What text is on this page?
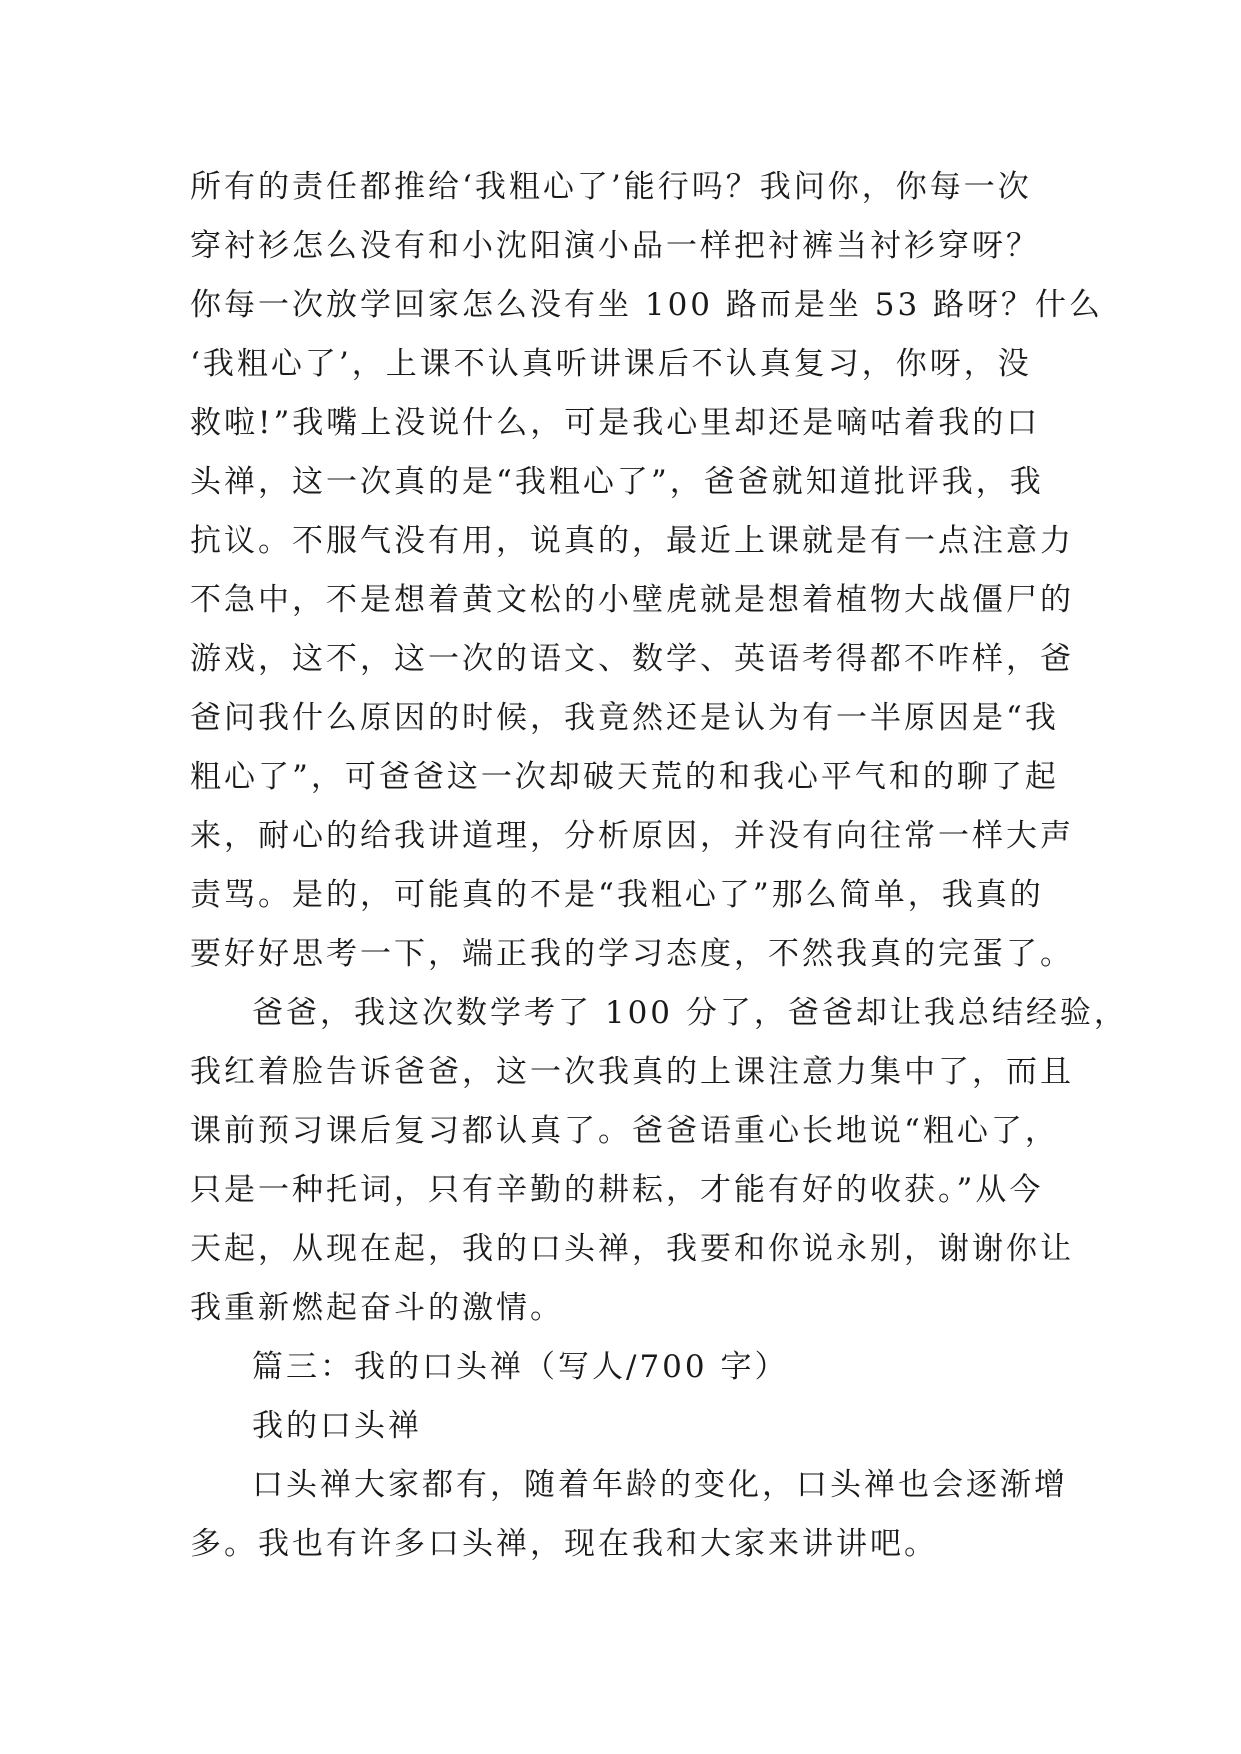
所有的责任都推给‘我粗心了’能行吗？我问你，你每一次
穿衬衫怎么没有和小沈阳演小品一样把衬裤当衬衫穿呀？
你每一次放学回家怎么没有坐 100 路而是坐 53 路呀？什么
‘我粗心了’，上课不认真听讲课后不认真复习，你呀，没
救啦!”我嘴上没说什么，可是我心里却还是嘀咕着我的口
头禅，这一次真的是“我粗心了”，爸爸就知道批评我，我
抗议。不服气没有用，说真的，最近上课就是有一点注意力
不急中，不是想着黄文松的小壁虎就是想着植物大战僵尸的
游戏，这不，这一次的语文、数学、英语考得都不咋样，爸
爸问我什么原因的时候，我竟然还是认为有一半原因是“我
粗心了”，可爸爸这一次却破天荒的和我心平气和的聊了起
来，耐心的给我讲道理，分析原因，并没有向往常一样大声
责骂。是的，可能真的不是“我粗心了”那么简单，我真的
要好好思考一下，端正我的学习态度，不然我真的完蛋了。
爸爸，我这次数学考了 100 分了，爸爸却让我总结经验，
我红着脸告诉爸爸，这一次我真的上课注意力集中了，而且
课前预习课后复习都认真了。爸爸语重心长地说“粗心了，
只是一种托词，只有辛勤的耕耘，才能有好的收获。”从今
天起，从现在起，我的口头禅，我要和你说永别，谢谢你让
我重新燃起奋斗的激情。
篇三：我的口头禅（写人/700 字）
我的口头禅
口头禅大家都有，随着年龄的变化，口头禅也会逐渐增
多。我也有许多口头禅，现在我和大家来讲讲吧。
